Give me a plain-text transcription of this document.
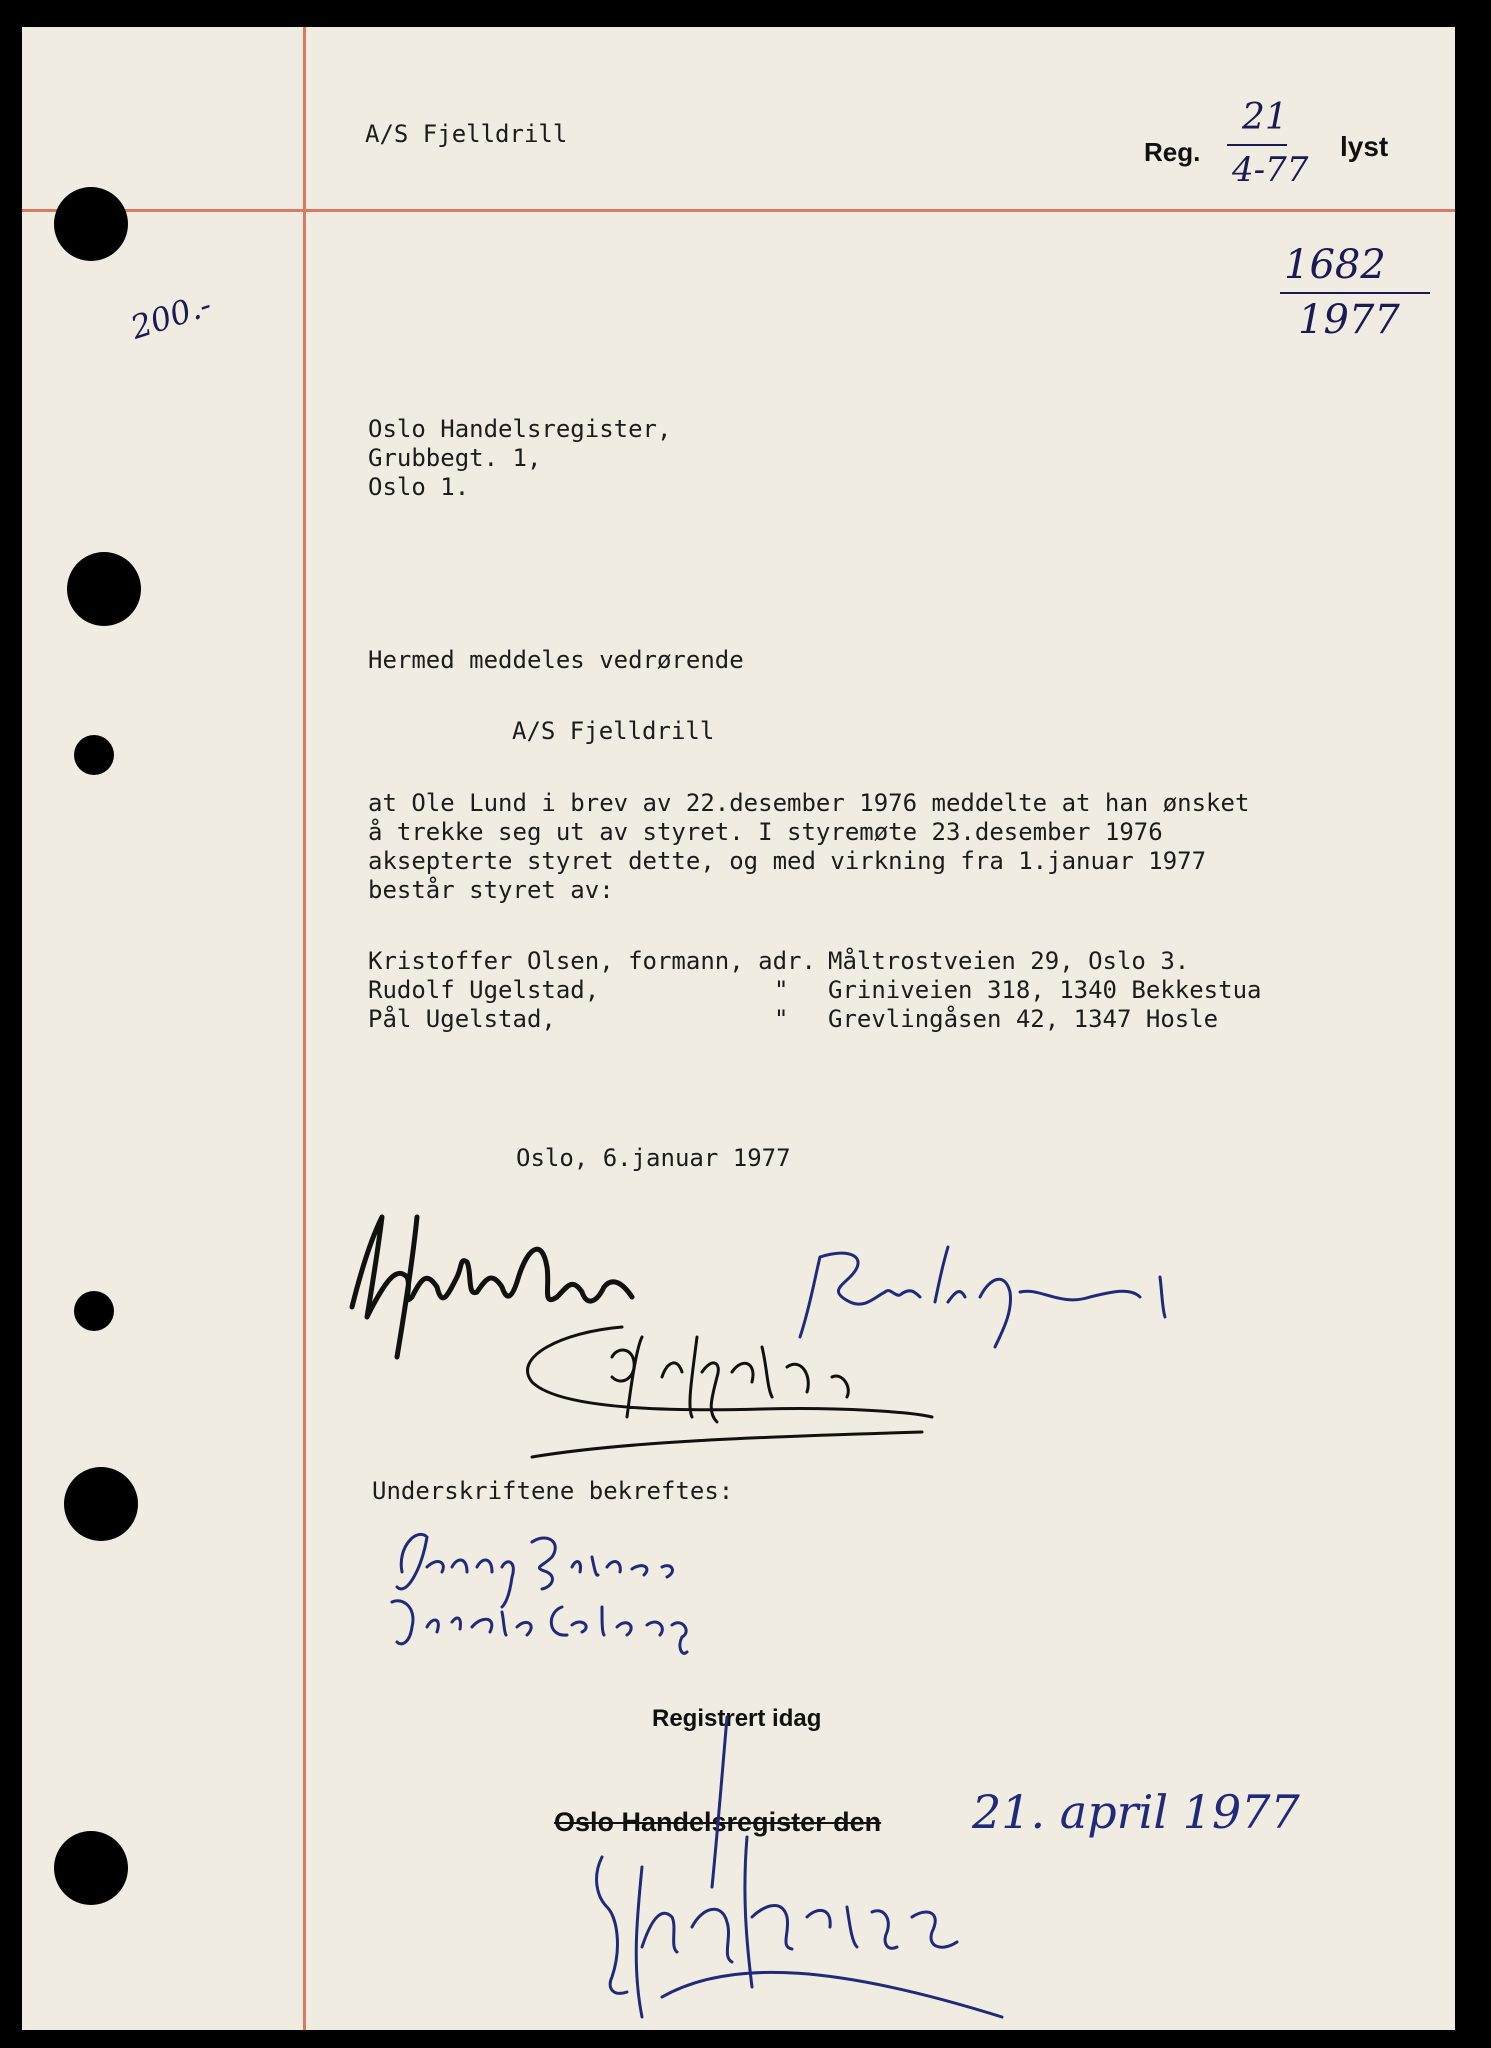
A/S Fjelldrill
Reg.
21
4-77
lyst
1682
1977
200.-
Oslo Handelsregister,
Grubbegt. 1,
Oslo 1.
Hermed meddeles vedrørende
A/S Fjelldrill
at Ole Lund i brev av 22.desember 1976 meddelte at han ønsket
å trekke seg ut av styret. I styremøte 23.desember 1976
aksepterte styret dette, og med virkning fra 1.januar 1977
består styret av:
Kristoffer Olsen, formann, adr. Måltrostveien 29, Oslo 3.
Rudolf Ugelstad,	" Griniveien 318, 1340 Bekkestua
Pål Ugelstad,	" Grevlingåsen 42, 1347 Hosle
Oslo, 6.januar 1977
Underskriftene bekreftes:
Registrert idag
Oslo Handelsregister den 21. april 1977
